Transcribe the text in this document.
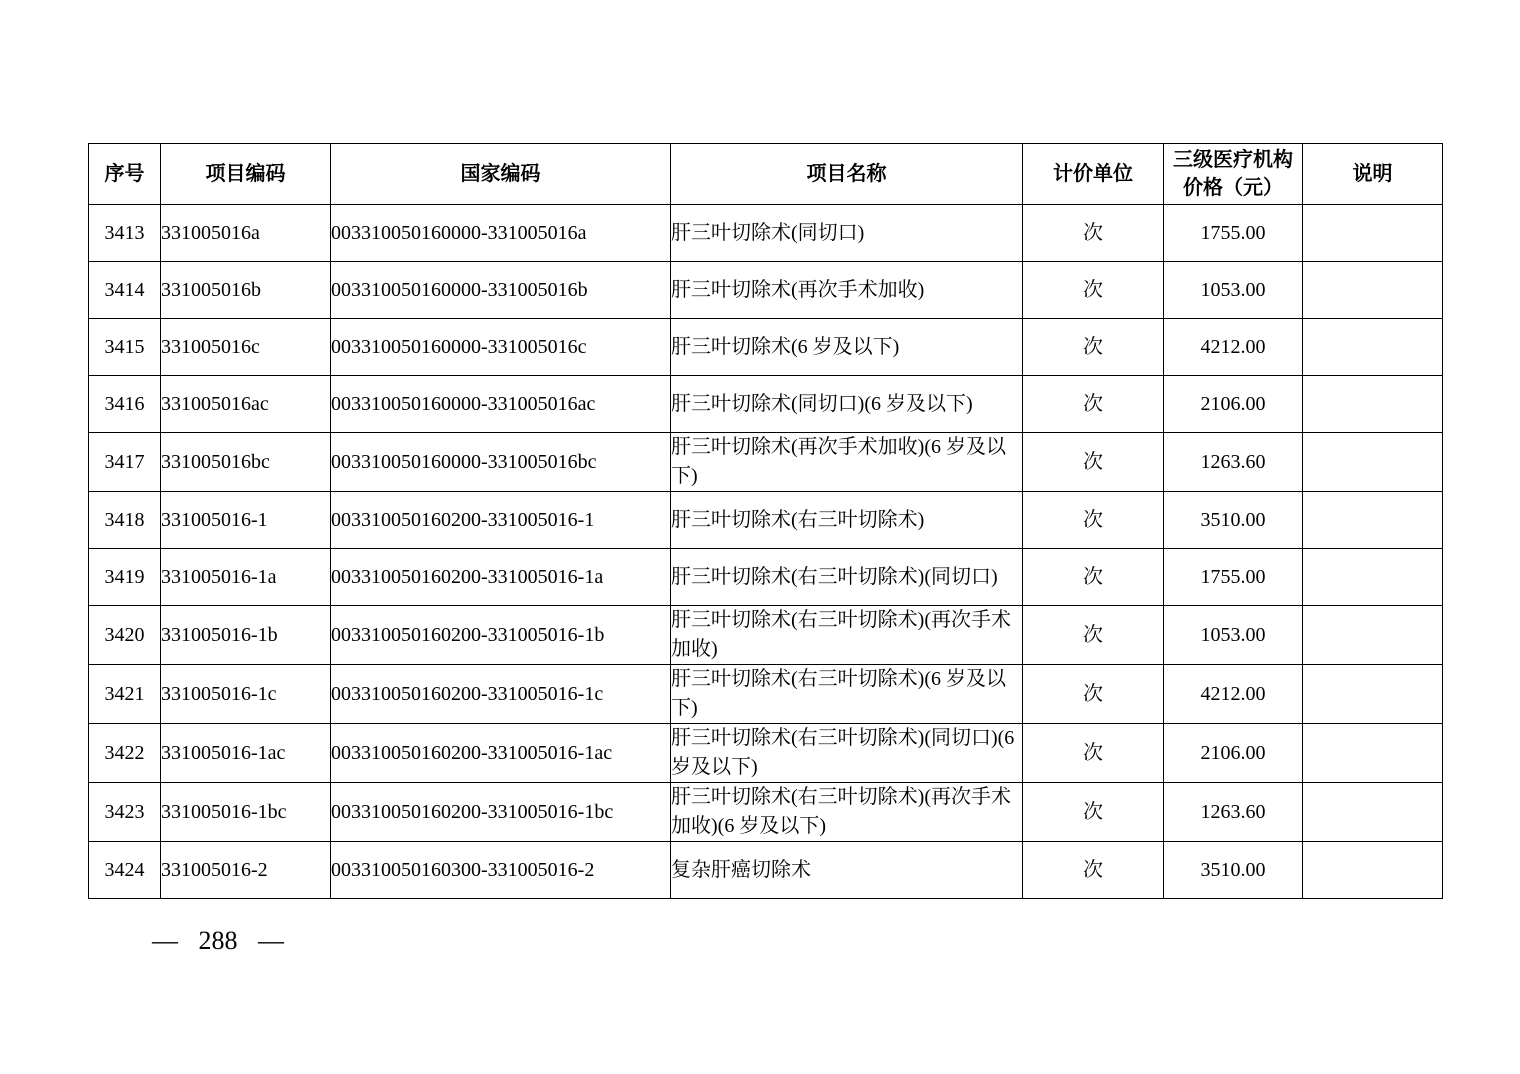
序号	项目编码	国家编码	项目名称	计价单位	三级医疗机构价格（元）	说明
3413	331005016a	003310050160000-331005016a	肝三叶切除术(同切口)	次	1755.00	
3414	331005016b	003310050160000-331005016b	肝三叶切除术(再次手术加收)	次	1053.00	
3415	331005016c	003310050160000-331005016c	肝三叶切除术(6 岁及以下)	次	4212.00	
3416	331005016ac	003310050160000-331005016ac	肝三叶切除术(同切口)(6 岁及以下)	次	2106.00	
3417	331005016bc	003310050160000-331005016bc	肝三叶切除术(再次手术加收)(6 岁及以下)	次	1263.60	
3418	331005016-1	003310050160200-331005016-1	肝三叶切除术(右三叶切除术)	次	3510.00	
3419	331005016-1a	003310050160200-331005016-1a	肝三叶切除术(右三叶切除术)(同切口)	次	1755.00	
3420	331005016-1b	003310050160200-331005016-1b	肝三叶切除术(右三叶切除术)(再次手术加收)	次	1053.00	
3421	331005016-1c	003310050160200-331005016-1c	肝三叶切除术(右三叶切除术)(6 岁及以下)	次	4212.00	
3422	331005016-1ac	003310050160200-331005016-1ac	肝三叶切除术(右三叶切除术)(同切口)(6 岁及以下)	次	2106.00	
3423	331005016-1bc	003310050160200-331005016-1bc	肝三叶切除术(右三叶切除术)(再次手术加收)(6 岁及以下)	次	1263.60	
3424	331005016-2	003310050160300-331005016-2	复杂肝癌切除术	次	3510.00	
— 288 —
